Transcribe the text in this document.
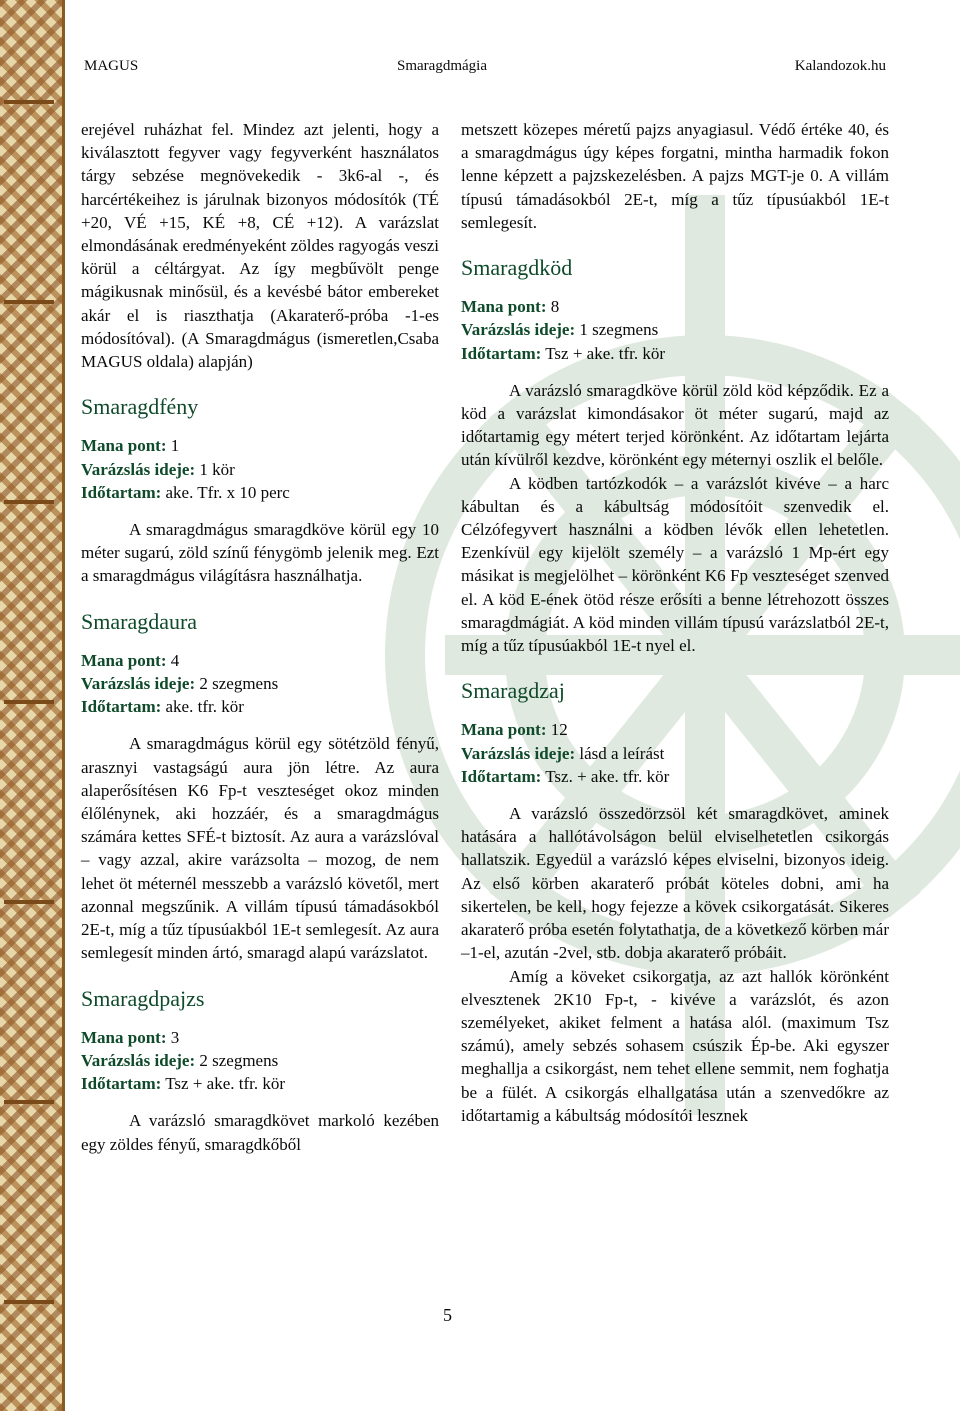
MAGUS	Smaragdmágia	Kalandozok.hu

erejével ruházhat fel. Mindez azt jelenti, hogy a kiválasztott fegyver vagy fegyverként használatos tárgy sebzése megnövekedik - 3k6-al -, és harcértékeihez is járulnak bizonyos módosítók (TÉ +20, VÉ +15, KÉ +8, CÉ +12). A varázslat elmondásának eredményeként zöldes ragyogás veszi körül a céltárgyat. Az így megbűvölt penge mágikusnak minősül, és a kevésbé bátor embereket akár el is riaszthatja (Akaraterő-próba -1-es módosítóval). (A Smaragdmágus (ismeretlen,Csaba MAGUS oldala) alapján)

Smaragdfény

Mana pont: 1

Varázslás ideje: 1 kör

Időtartam: ake. Tfr. x 10 perc

A smaragdmágus smaragdköve körül egy 10 méter sugarú, zöld színű fénygömb jelenik meg. Ezt a smaragdmágus világításra használhatja.

Smaragdaura

Mana pont: 4

Varázslás ideje: 2 szegmens

Időtartam: ake. tfr. kör

A smaragdmágus körül egy sötétzöld fényű, arasznyi vastagságú aura jön létre. Az aura alaperősítésen K6 Fp-t veszteséget okoz minden élőlénynek, aki hozzáér, és a smaragdmágus számára kettes SFÉ-t biztosít. Az aura a varázslóval – vagy azzal, akire varázsolta – mozog, de nem lehet öt méternél messzebb a varázsló követől, mert azonnal megszűnik. A villám típusú támadásokból 2E-t, míg a tűz típusúakból 1E-t semlegesít. Az aura semlegesít minden ártó, smaragd alapú varázslatot.

Smaragdpajzs

Mana pont: 3

Varázslás ideje: 2 szegmens

Időtartam: Tsz + ake. tfr. kör

A varázsló smaragdkövet markoló kezében egy zöldes fényű, smaragdkőből

metszett közepes méretű pajzs anyagiasul. Védő értéke 40, és a smaragdmágus úgy képes forgatni, mintha harmadik fokon lenne képzett a pajzskezelésben. A pajzs MGT-je 0. A villám típusú támadásokból 2E-t, míg a tűz típusúakból 1E-t semlegesít.

Smaragdköd

Mana pont: 8

Varázslás ideje: 1 szegmens

Időtartam: Tsz + ake. tfr. kör

A varázsló smaragdköve körül zöld köd képződik. Ez a köd a varázslat kimondásakor öt méter sugarú, majd az időtartamig egy métert terjed körönként. Az időtartam lejárta után kívülről kezdve, körönként egy méternyi oszlik el belőle.

A ködben tartózkodók – a varázslót kivéve – a harc kábultan és a kábultság módosítóit szenvedik el. Célzófegyvert használni a ködben lévők ellen lehetetlen. Ezenkívül egy kijelölt személy – a varázsló 1 Mp-ért egy másikat is megjelölhet – körönként K6 Fp veszteséget szenved el. A köd E-ének ötöd része erősíti a benne létrehozott összes smaragdmágiát. A köd minden villám típusú varázslatból 2E-t, míg a tűz típusúakból 1E-t nyel el.

Smaragdzaj

Mana pont: 12

Varázslás ideje: lásd a leírást

Időtartam: Tsz. + ake. tfr. kör

A varázsló összedörzsöl két smaragdkövet, aminek hatására a hallótávolságon belül elviselhetetlen csikorgás hallatszik. Egyedül a varázsló képes elviselni, bizonyos ideig. Az első körben akaraterő próbát köteles dobni, ami ha sikertelen, be kell, hogy fejezze a kövek csikorgatását. Sikeres akaraterő próba esetén folytathatja, de a következő körben már –1-el, azután -2vel, stb. dobja akaraterő próbáit.

Amíg a köveket csikorgatja, az azt hallók körönként elvesztenek 2K10 Fp-t, - kivéve a varázslót, és azon személyeket, akiket felment a hatása alól. (maximum Tsz számú), amely sebzés sohasem csúszik Ép-be. Aki egyszer meghallja a csikorgást, nem tehet ellene semmit, nem foghatja be a fülét. A csikorgás elhallgatása után a szenvedőkre az időtartamig a kábultság módosítói lesznek

5
